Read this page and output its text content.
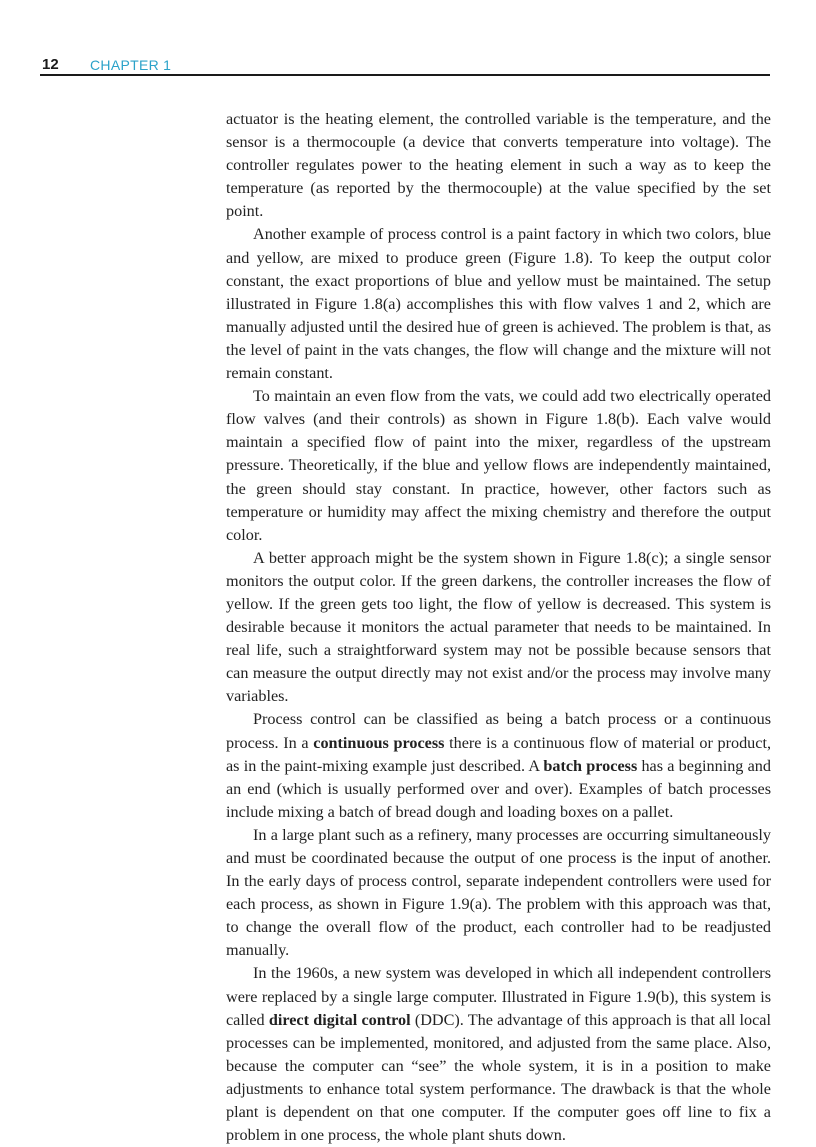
12 CHAPTER 1

actuator is the heating element, the controlled variable is the temperature, and the sensor is a thermocouple (a device that converts temperature into voltage). The controller regulates power to the heating element in such a way as to keep the temperature (as reported by the thermocouple) at the value specified by the set point.

Another example of process control is a paint factory in which two colors, blue and yellow, are mixed to produce green (Figure 1.8). To keep the output color constant, the exact proportions of blue and yellow must be maintained. The setup illustrated in Figure 1.8(a) accomplishes this with flow valves 1 and 2, which are manually adjusted until the desired hue of green is achieved. The problem is that, as the level of paint in the vats changes, the flow will change and the mixture will not remain constant.

To maintain an even flow from the vats, we could add two electrically operated flow valves (and their controls) as shown in Figure 1.8(b). Each valve would maintain a specified flow of paint into the mixer, regardless of the upstream pressure. Theoretically, if the blue and yellow flows are independently maintained, the green should stay constant. In practice, however, other factors such as temperature or humidity may affect the mixing chemistry and therefore the output color.

A better approach might be the system shown in Figure 1.8(c); a single sensor monitors the output color. If the green darkens, the controller increases the flow of yellow. If the green gets too light, the flow of yellow is decreased. This system is desirable because it monitors the actual parameter that needs to be maintained. In real life, such a straightforward system may not be possible because sensors that can measure the output directly may not exist and/or the process may involve many variables.

Process control can be classified as being a batch process or a continuous process. In a continuous process there is a continuous flow of material or product, as in the paint-mixing example just described. A batch process has a beginning and an end (which is usually performed over and over). Examples of batch processes include mixing a batch of bread dough and loading boxes on a pallet.

In a large plant such as a refinery, many processes are occurring simultaneously and must be coordinated because the output of one process is the input of another. In the early days of process control, separate independent controllers were used for each process, as shown in Figure 1.9(a). The problem with this approach was that, to change the overall flow of the product, each controller had to be readjusted manually.

In the 1960s, a new system was developed in which all independent controllers were replaced by a single large computer. Illustrated in Figure 1.9(b), this system is called direct digital control (DDC). The advantage of this approach is that all local processes can be implemented, monitored, and adjusted from the same place. Also, because the computer can “see” the whole system, it is in a position to make adjustments to enhance total system performance. The drawback is that the whole plant is dependent on that one computer. If the computer goes off line to fix a problem in one process, the whole plant shuts down.
